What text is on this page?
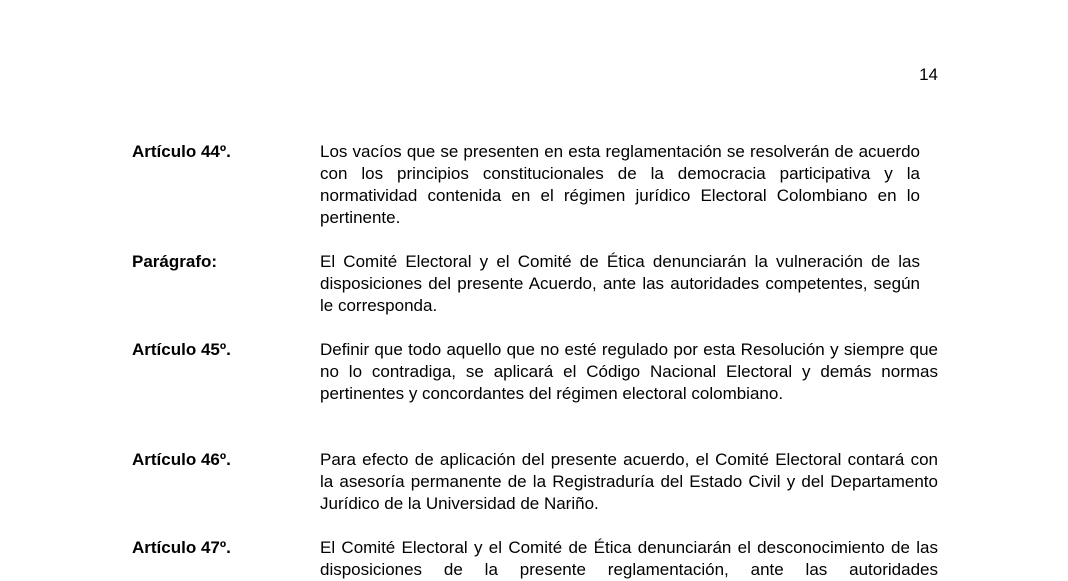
14
Artículo 44º.	Los vacíos que se presenten en esta reglamentación se resolverán de acuerdo con los principios constitucionales de la democracia participativa y la normatividad contenida en el régimen jurídico Electoral Colombiano en lo pertinente.
Parágrafo:	El Comité Electoral y el Comité de Ética denunciarán la vulneración de las disposiciones del presente Acuerdo, ante las autoridades competentes, según le corresponda.
Artículo 45º.	Definir que todo aquello que no esté regulado por esta Resolución y siempre que no lo contradiga, se aplicará el Código Nacional Electoral y demás normas pertinentes y concordantes del régimen electoral colombiano.
Artículo 46º.	Para efecto de aplicación del presente acuerdo, el Comité Electoral contará con la asesoría permanente de la Registraduría del Estado Civil y del Departamento Jurídico de la Universidad de Nariño.
Artículo 47º.	El Comité Electoral y el Comité de Ética denunciarán el desconocimiento de las disposiciones de la presente reglamentación, ante las autoridades
